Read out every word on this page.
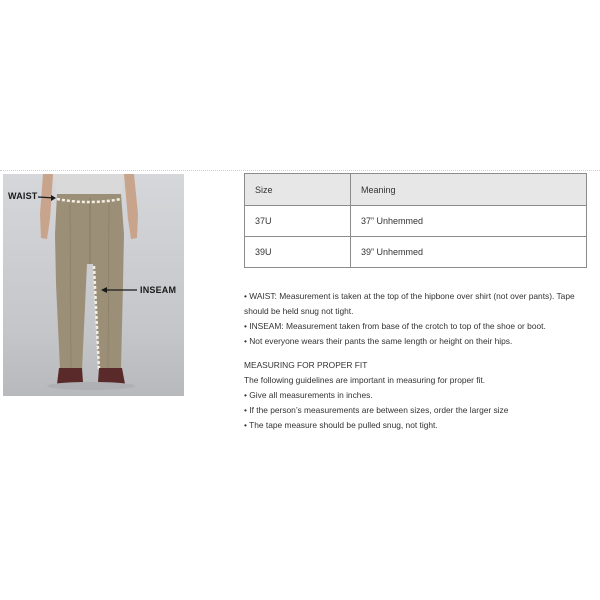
WAIST
INSEAM
Size	Meaning
37U	37” Unhemmed
39U	39” Unhemmed

• WAIST: Measurement is taken at the top of the hipbone over shirt (not over pants). Tape

should be held snug not tight.

• INSEAM: Measurement taken from base of the crotch to top of the shoe or boot.

• Not everyone wears their pants the same length or height on their hips.

MEASURING FOR PROPER FIT

The following guidelines are important in measuring for proper fit.

• Give all measurements in inches.

• If the person’s measurements are between sizes, order the larger size

• The tape measure should be pulled snug, not tight.
